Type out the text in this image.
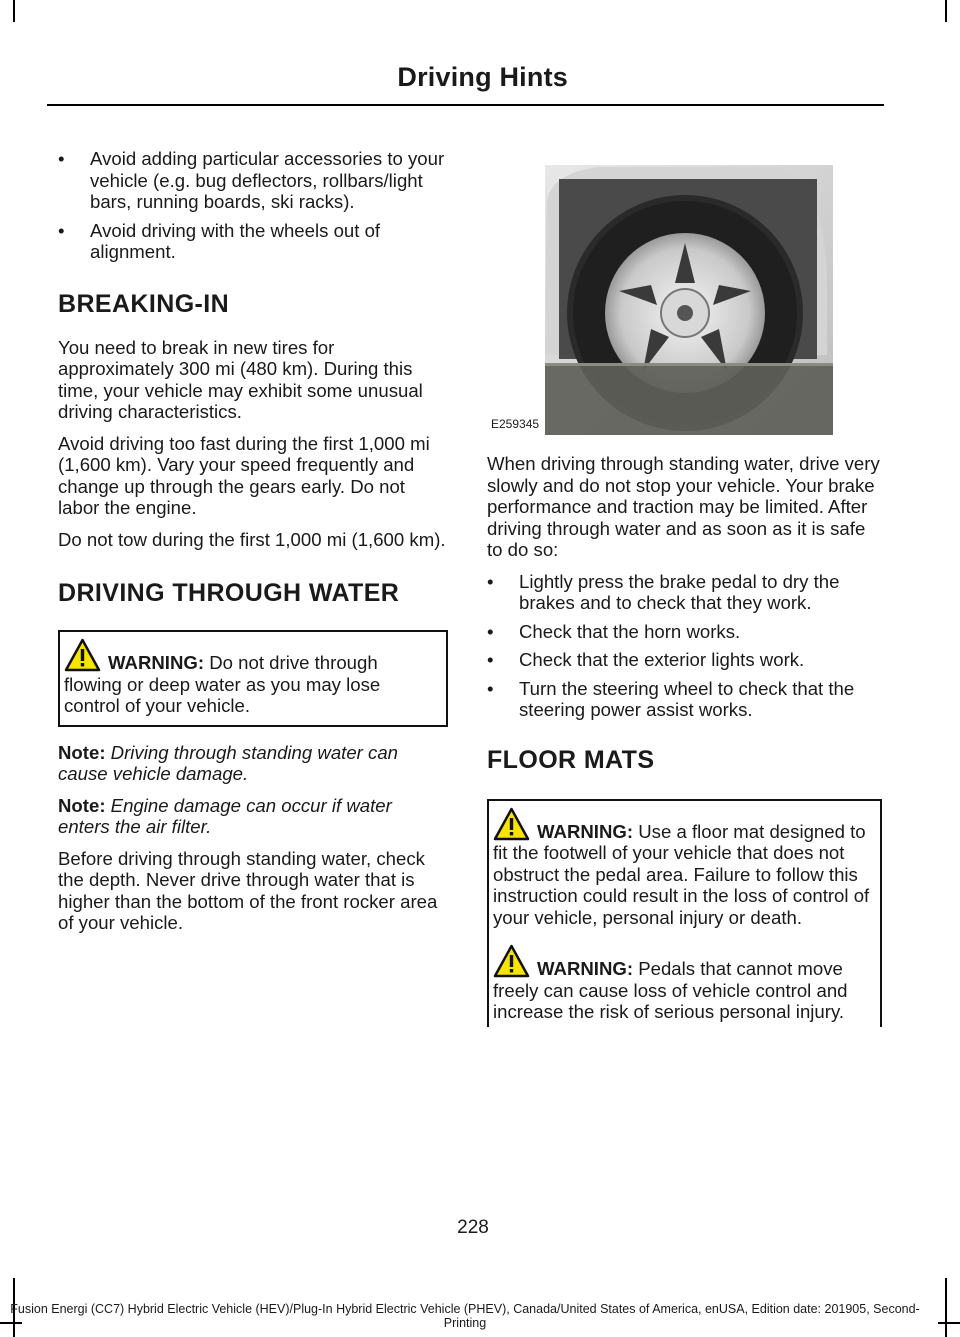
Driving Hints
• Avoid adding particular accessories to your vehicle (e.g. bug deflectors, rollbars/light bars, running boards, ski racks).
• Avoid driving with the wheels out of alignment.
BREAKING-IN

You need to break in new tires for approximately 300 mi (480 km). During this time, your vehicle may exhibit some unusual driving characteristics.

Avoid driving too fast during the first 1,000 mi (1,600 km). Vary your speed frequently and change up through the gears early. Do not labor the engine.

Do not tow during the first 1,000 mi (1,600 km).

DRIVING THROUGH WATER
WARNING: Do not drive through flowing or deep water as you may lose control of your vehicle.

Note: Driving through standing water can cause vehicle damage.

Note: Engine damage can occur if water enters the air filter.

Before driving through standing water, check the depth. Never drive through water that is higher than the bottom of the front rocker area of your vehicle.

E259345

When driving through standing water, drive very slowly and do not stop your vehicle. Your brake performance and traction may be limited. After driving through water and as soon as it is safe to do so:

• Lightly press the brake pedal to dry the brakes and to check that they work.
• Check that the horn works.
• Check that the exterior lights work.
• Turn the steering wheel to check that the steering power assist works.
FLOOR MATS
WARNING: Use a floor mat designed to fit the footwell of your vehicle that does not obstruct the pedal area. Failure to follow this instruction could result in the loss of control of your vehicle, personal injury or death.
WARNING: Pedals that cannot move freely can cause loss of vehicle control and increase the risk of serious personal injury.
228
Fusion Energi (CC7) Hybrid Electric Vehicle (HEV)/Plug-In Hybrid Electric Vehicle (PHEV), Canada/United States of America, enUSA, Edition date: 201905, Second-Printing
